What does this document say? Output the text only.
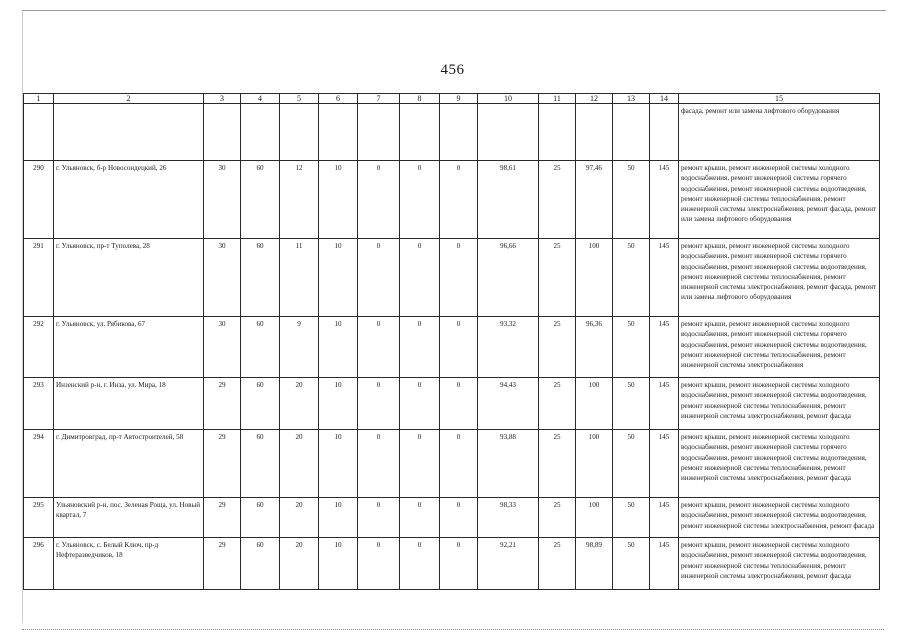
456
1	2	3	4	5	6	7	8	9	10	11	12	13	14	15
														фасада, ремонт или замена лифтового оборудования
290	г. Ульяновск, б-р Новосондецкий, 26	30	60	12	10	0	0	0	98,61	25	97,46	50	145	ремонт крыши, ремонт инженерной системы холодного водоснабжения, ремонт инженерной системы горячего водоснабжения, ремонт инженерной системы водоотведения, ремонт инженерной системы теплоснабжения, ремонт инженерной системы электроснабжения, ремонт фасада, ремонт или замена лифтового оборудования
291	г. Ульяновск, пр-т Туполева, 28	30	60	11	10	0	0	0	96,66	25	100	50	145	ремонт крыши, ремонт инженерной системы холодного водоснабжения, ремонт инженерной системы горячего водоснабжения, ремонт инженерной системы водоотведения, ремонт инженерной системы теплоснабжения, ремонт инженерной системы электроснабжения, ремонт фасада, ремонт или замена лифтового оборудования
292	г. Ульяновск, ул. Рябикова, 67	30	60	9	10	0	0	0	93,32	25	96,36	50	145	ремонт крыши, ремонт инженерной системы холодного водоснабжения, ремонт инженерной системы горячего водоснабжения, ремонт инженерной системы водоотведения, ремонт инженерной системы теплоснабжения, ремонт инженерной системы электроснабжения
293	Инзенский р-н, г. Инза, ул. Мира, 18	29	60	20	10	0	0	0	94,43	25	100	50	145	ремонт крыши, ремонт инженерной системы холодного водоснабжения, ремонт инженерной системы водоотведения, ремонт инженерной системы теплоснабжения, ремонт инженерной системы электроснабжения, ремонт фасада
294	г. Димитровград, пр-т Автостроителей, 58	29	60	20	10	0	0	0	93,88	25	100	50	145	ремонт крыши, ремонт инженерной системы холодного водоснабжения, ремонт инженерной системы горячего водоснабжения, ремонт инженерной системы водоотведения, ремонт инженерной системы теплоснабжения, ремонт инженерной системы электроснабжения, ремонт фасада
295	Ульяновский р-н, пос. Зеленая Роща, ул. Новый квартал, 7	29	60	20	10	0	0	0	98,33	25	100	50	145	ремонт крыши, ремонт инженерной системы холодного водоснабжения, ремонт инженерной системы водоотведения, ремонт инженерной системы электроснабжения, ремонт фасада
296	г. Ульяновск, с. Белый Ключ, пр-д Нефтеразведчиков, 18	29	60	20	10	0	0	0	92,21	25	98,89	50	145	ремонт крыши, ремонт инженерной системы холодного водоснабжения, ремонт инженерной системы водоотведения, ремонт инженерной системы теплоснабжения, ремонт инженерной системы электроснабжения, ремонт фасада
